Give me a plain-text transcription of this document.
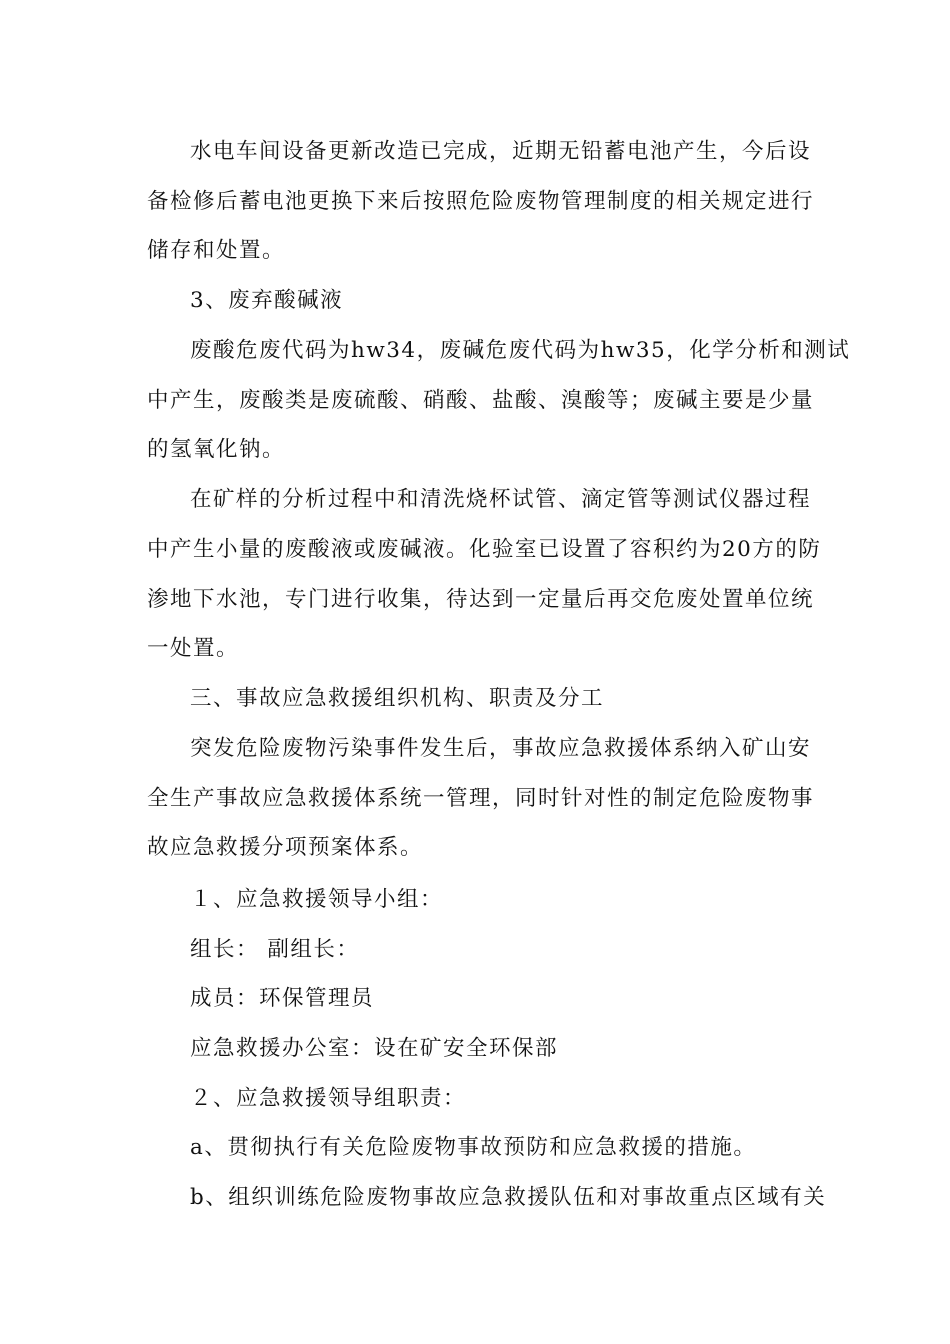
水电车间设备更新改造已完成，近期无铅蓄电池产生，今后设
备检修后蓄电池更换下来后按照危险废物管理制度的相关规定进行
储存和处置。
3、废弃酸碱液
废酸危废代码为hw34，废碱危废代码为hw35，化学分析和测试
中产生，废酸类是废硫酸、硝酸、盐酸、溴酸等；废碱主要是少量
的氢氧化钠。
在矿样的分析过程中和清洗烧杯试管、滴定管等测试仪器过程
中产生小量的废酸液或废碱液。化验室已设置了容积约为20方的防
渗地下水池，专门进行收集，待达到一定量后再交危废处置单位统
一处置。
三、事故应急救援组织机构、职责及分工
突发危险废物污染事件发生后，事故应急救援体系纳入矿山安
全生产事故应急救援体系统一管理，同时针对性的制定危险废物事
故应急救援分项预案体系。
１、应急救援领导小组：
组长： 副组长：
成员：环保管理员
应急救援办公室：设在矿安全环保部
２、应急救援领导组职责：
a、贯彻执行有关危险废物事故预防和应急救援的措施。
b、组织训练危险废物事故应急救援队伍和对事故重点区域有关
